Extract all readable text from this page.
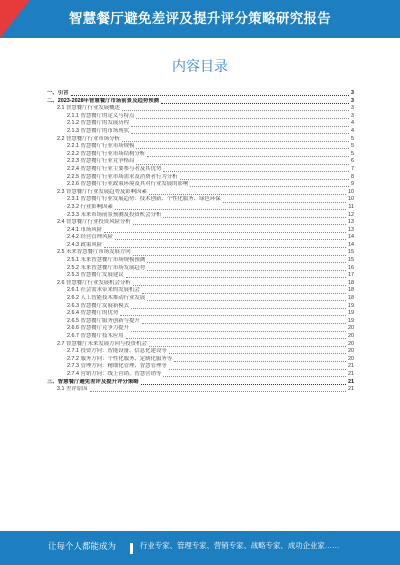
智慧餐厅避免差评及提升评分策略研究报告
内容目录
一、引言	3
二、2023-2028年智慧餐厅市场前景及趋势预测	3
2.1 智慧餐厅行业发展概述	3
2.1.1 智慧餐厅的定义与特点	3
2.1.2 智慧餐厅的发展历程	4
2.1.3 智慧餐厅的市场现状	4
2.2 智慧餐厅行业市场分析	5
2.2.1 智慧餐厅行业市场规模	5
2.2.2 智慧餐厅行业市场结构分析	5
2.2.3 智慧餐厅行业竞争格局	6
2.2.4 智慧餐厅行业主要参与者及其优势	7
2.2.5 智慧餐厅行业市场需求及消费者行为分析	8
2.2.6 智慧餐厅行业政策环境及其对行业发展的影响	9
2.3 智慧餐厅行业发展趋势及影响因素	10
2.3.1 智慧餐厅行业发展趋势：技术创新、个性化服务、绿色环保	10
2.3.2 行业影响因素	11
2.3.3 未来市场前景预测及投资机会分析	12
2.4 智慧餐厅行业投资风险分析	13
2.4.1 市场风险	13
2.4.2 经营管理风险	14
2.4.3 政策风险	14
2.5 未来智慧餐厅市场发展方向	15
2.5.1 未来智慧餐厅市场规模预测	15
2.5.2 未来智慧餐厅市场发展趋势	16
2.5.3 智慧餐厅发展建议	17
2.6 智慧餐厅行业发展机会分析	18
2.6.1 社会需求带来的发展机会	18
2.6.2 人工智能技术推动行业发展	18
2.6.3 智慧餐厅发展新模式	19
2.6.4 智慧餐厅的优势	19
2.6.5 智慧餐厅服务创新与提升	19
2.6.6 智慧餐厅竞争力提升	20
2.6.7 智慧餐厅技术应用	20
2.7 智慧餐厅未来发展方向与投资机会	20
2.7.1 投资方向：智能设备、信息化建设等	20
2.7.2 服务方向：个性化服务、定制化服务等	20
2.7.3 管理方向：精细化管理、智慧管理等	21
2.7.4 营销方向：线上营销、智慧营销等	21
三、智慧餐厅避免差评及提升评分策略	21
3.1 差评原因	21
让每个人都能成为	行业专家、管理专家、营销专家、战略专家、成功企业家……
